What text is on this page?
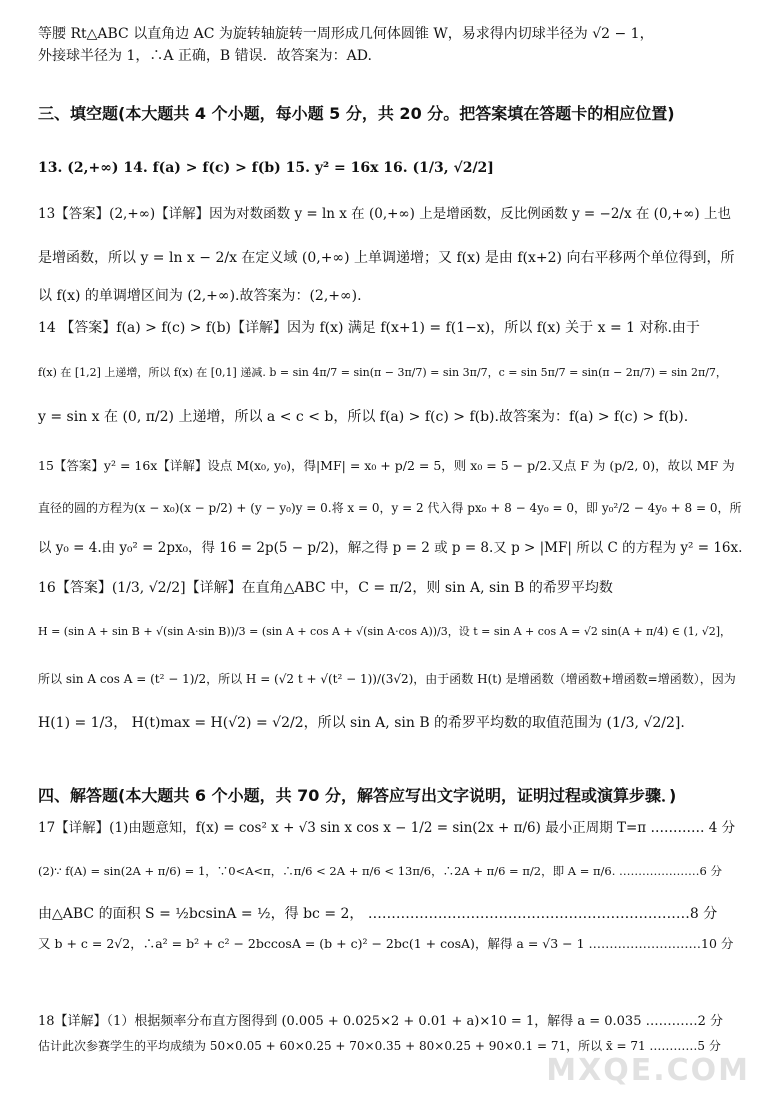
等腰 Rt△ABC 以直角边 AC 为旋转轴旋转一周形成几何体圆锥 W，易求得内切球半径为 √2 − 1，
外接球半径为 1，∴A 正确，B 错误．故答案为：AD.
三、填空题(本大题共 4 个小题，每小题 5 分，共 20 分。把答案填在答题卡的相应位置)
13. (2,+∞) 14. f(a) > f(c) > f(b) 15. y² = 16x 16. (1/3, √2/2]
13【答案】(2,+∞)【详解】因为对数函数 y = ln x 在 (0,+∞) 上是增函数，反比例函数 y = −2/x 在 (0,+∞) 上也
是增函数，所以 y = ln x − 2/x 在定义域 (0,+∞) 上单调递增；又 f(x) 是由 f(x+2) 向右平移两个单位得到，所
以 f(x) 的单调增区间为 (2,+∞).故答案为：(2,+∞).
14 【答案】f(a) > f(c) > f(b)【详解】因为 f(x) 满足 f(x+1) = f(1−x)，所以 f(x) 关于 x = 1 对称.由于
f(x) 在 [1,2] 上递增，所以 f(x) 在 [0,1] 递减. b = sin 4π/7 = sin(π − 3π/7) = sin 3π/7，c = sin 5π/7 = sin(π − 2π/7) = sin 2π/7，
y = sin x 在 (0, π/2) 上递增，所以 a < c < b，所以 f(a) > f(c) > f(b).故答案为：f(a) > f(c) > f(b).
15【答案】y² = 16x【详解】设点 M(x₀, y₀)，得|MF| = x₀ + p/2 = 5，则 x₀ = 5 − p/2.又点 F 为 (p/2, 0)，故以 MF 为
直径的圆的方程为(x − x₀)(x − p/2) + (y − y₀)y = 0.将 x = 0，y = 2 代入得 px₀ + 8 − 4y₀ = 0，即 y₀²/2 − 4y₀ + 8 = 0，所
以 y₀ = 4.由 y₀² = 2px₀，得 16 = 2p(5 − p/2)，解之得 p = 2 或 p = 8.又 p > |MF| 所以 C 的方程为 y² = 16x.
16【答案】(1/3, √2/2]【详解】在直角△ABC 中，C = π/2，则 sin A, sin B 的希罗平均数
H = (sin A + sin B + √(sin A·sin B))/3 = (sin A + cos A + √(sin A·cos A))/3，设 t = sin A + cos A = √2 sin(A + π/4) ∈ (1, √2]，
所以 sin A cos A = (t² − 1)/2，所以 H = (√2 t + √(t² − 1))/(3√2)，由于函数 H(t) 是增函数（增函数+增函数=增函数），因为
H(1) = 1/3， H(t)max = H(√2) = √2/2，所以 sin A, sin B 的希罗平均数的取值范围为 (1/3, √2/2].
四、解答题(本大题共 6 个小题，共 70 分，解答应写出文字说明，证明过程或演算步骤．)
17【详解】(1)由题意知，f(x) = cos² x + √3 sin x cos x − 1/2 = sin(2x + π/6) 最小正周期 T=π ………… 4 分
(2)∵ f(A) = sin(2A + π/6) = 1，∵0<A<π，∴π/6 < 2A + π/6 < 13π/6，∴2A + π/6 = π/2，即 A = π/6. …………………6 分
由△ABC 的面积 S = ½bcsinA = ½，得 bc = 2， ……………………………………………………………8 分
又 b + c = 2√2，∴a² = b² + c² − 2bccosA = (b + c)² − 2bc(1 + cosA)，解得 a = √3 − 1 ………………………10 分
18【详解】（1）根据频率分布直方图得到 (0.005 + 0.025×2 + 0.01 + a)×10 = 1，解得 a = 0.035 …………2 分
估计此次参赛学生的平均成绩为 50×0.05 + 60×0.25 + 70×0.35 + 80×0.25 + 90×0.1 = 71，所以 x̄ = 71 …………5 分
MXQE.COM
